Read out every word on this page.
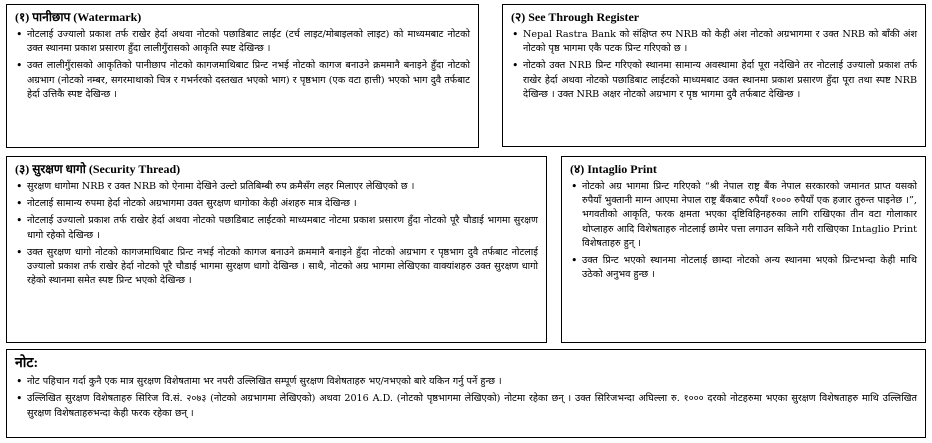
(१) पानीछाप (Watermark)
• नोटलाई उज्यालो प्रकाश तर्फ राखेर हेर्दा अथवा नोटको पछाडिबाट लाईट (टर्च लाइट/मोबाइलको लाइट) को माध्यमबाट नोटको उक्त स्थानमा प्रकाश प्रसारण हुँदा लालीगुँरासको आकृति स्पष्ट देखिन्छ ।
• उक्त लालीगुँरासको आकृतिको पानीछाप नोटको कागजमाथिबाट प्रिन्ट नभई नोटको कागज बनाउने क्रममानै बनाइने हुँदा नोटको अग्रभाग (नोटको नम्बर, सगरमाथाको चित्र र गभर्नरको दस्तखत भएको भाग) र पृष्ठभाग (एक वटा हात्ती) भएको भाग दुवै तर्फबाट हेर्दा उत्तिकै स्पष्ट देखिन्छ ।
(२) See Through Register
• Nepal Rastra Bank को संक्षिप्त रुप NRB को केही अंश नोटको अग्रभागमा र उक्त NRB को बाँकी अंश नोटको पृष्ठ भागमा एकै पटक प्रिन्ट गरिएको छ ।
• नोटको उक्त NRB प्रिन्ट गरिएको स्थानमा सामान्य अवस्थामा हेर्दा पूरा नदेखिने तर नोटलाई उज्यालो प्रकाश तर्फ राखेर हेर्दा अथवा नोटको पछाडिबाट लाईटको माध्यमबाट उक्त स्थानमा प्रकाश प्रसारण हुँदा पूरा तथा स्पष्ट NRB देखिन्छ । उक्त NRB अक्षर नोटको अग्रभाग र पृष्ठ भागमा दुवै तर्फबाट देखिन्छ ।
(३) सुरक्षण धागो (Security Thread)
• सुरक्षण धागोमा NRB र उक्त NRB को ऐनामा देखिने उल्टो प्रतिबिम्बी रुप क्रमैसँग लहर मिलाएर लेखिएको छ ।
• नोटलाई सामान्य रुपमा हेर्दा नोटको अग्रभागमा उक्त सुरक्षण धागोका केही अंशहरु मात्र देखिन्छ ।
• नोटलाई उज्यालो प्रकाश तर्फ राखेर हेर्दा अथवा नोटको पछाडिबाट लाईटको माध्यमबाट नोटमा प्रकाश प्रसारण हुँदा नोटको पूरै चौडाई भागमा सुरक्षण धागो रहेको देखिन्छ ।
• उक्त सुरक्षण धागो नोटको कागजमाथिबाट प्रिन्ट नभई नोटको कागज बनाउने क्रममानै बनाइने हुँदा नोटको अग्रभाग र पृष्ठभाग दुवै तर्फबाट नोटलाई उज्यालो प्रकाश तर्फ राखेर हेर्दा नोटको पूरै चौडाई भागमा सुरक्षण धागो देखिन्छ । साथै, नोटको अग्र भागमा लेखिएका वाक्यांशहरु उक्त सुरक्षण धागो रहेको स्थानमा समेत स्पष्ट प्रिन्ट भएको देखिन्छ ।
(४) Intaglio Print
• नोटको अग्र भागमा प्रिन्ट गरिएको “श्री नेपाल राष्ट्र बैंक नेपाल सरकारको जमानत प्राप्त यसको रुपैयाँ भुक्तानी माग्न आएमा नेपाल राष्ट्र बैंकबाट रुपैयाँ १००० रुपैयाँ एक हजार तुरुन्त पाइनेछ ।”, भगवतीको आकृति, फरक क्षमता भएका दृष्टिविहिनहरुका लागि राखिएका तीन वटा गोलाकार थोप्लाहरु आदि विशेषताहरु नोटलाई छामेर पत्ता लगाउन सकिने गरी राखिएका Intaglio Print विशेषताहरु हुन् ।
• उक्त प्रिन्ट भएको स्थानमा नोटलाई छाम्दा नोटको अन्य स्थानमा भएको प्रिन्टभन्दा केही माथि उठेको अनुभव हुन्छ ।
नोट:
• नोट पहिचान गर्दा कुनै एक मात्र सुरक्षण विशेषतामा भर नपरी उल्लिखित सम्पूर्ण सुरक्षण विशेषताहरु भए/नभएको बारे यकिन गर्नु पर्ने हुन्छ ।
• उल्लिखित सुरक्षण विशेषताहरु सिरिज वि.सं. २०७३ (नोटको अग्रभागमा लेखिएको) अथवा 2016 A.D. (नोटको पृष्ठभागमा लेखिएको) नोटमा रहेका छन् । उक्त सिरिजभन्दा अघिल्ला रु. १००० दरको नोटहरुमा भएका सुरक्षण विशेषताहरु माथि उल्लिखित सुरक्षण विशेषताहरुभन्दा केही फरक रहेका छन् ।
